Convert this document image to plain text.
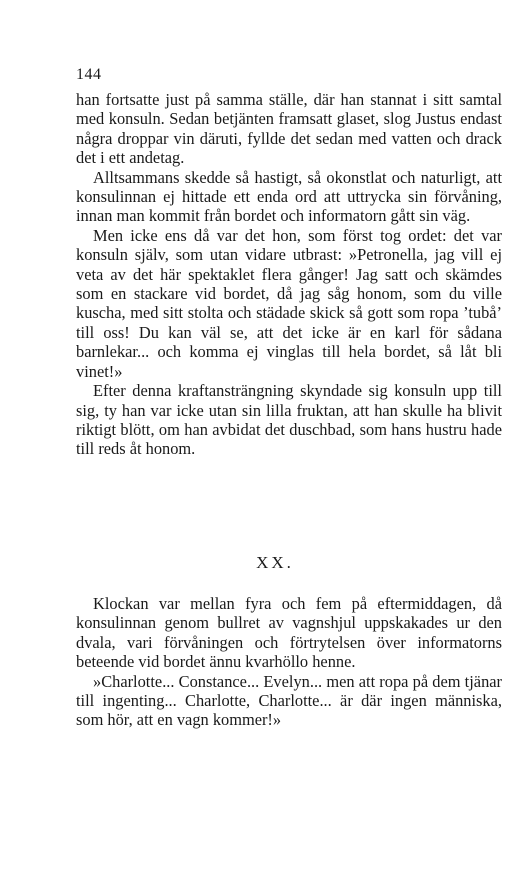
144

han fortsatte just på samma ställe, där han stannat i sitt samtal med konsuln. Sedan betjänten framsatt glaset, slog Justus endast några droppar vin däruti, fyllde det sedan med vatten och drack det i ett andetag.

Alltsammans skedde så hastigt, så okonstlat och naturligt, att konsulinnan ej hittade ett enda ord att uttrycka sin förvåning, innan man kommit från bordet och informatorn gått sin väg.

Men icke ens då var det hon, som först tog ordet: det var konsuln själv, som utan vidare utbrast: »Petronella, jag vill ej veta av det här spektaklet flera gånger! Jag satt och skämdes som en stackare vid bordet, då jag såg honom, som du ville kuscha, med sitt stolta och städade skick så gott som ropa ’tubå’ till oss! Du kan väl se, att det icke är en karl för sådana barnlekar... och komma ej vinglas till hela bordet, så låt bli vinet!»

Efter denna kraftansträngning skyndade sig konsuln upp till sig, ty han var icke utan sin lilla fruktan, att han skulle ha blivit riktigt blött, om han avbidat det duschbad, som hans hustru hade till reds åt honom.

XX.

Klockan var mellan fyra och fem på eftermiddagen, då konsulinnan genom bullret av vagnshjul uppskakades ur den dvala, vari förvåningen och förtrytelsen över informatorns beteende vid bordet ännu kvarhöllo henne.

»Charlotte... Constance... Evelyn... men att ropa på dem tjänar till ingenting... Charlotte, Charlotte... är där ingen människa, som hör, att en vagn kommer!»
